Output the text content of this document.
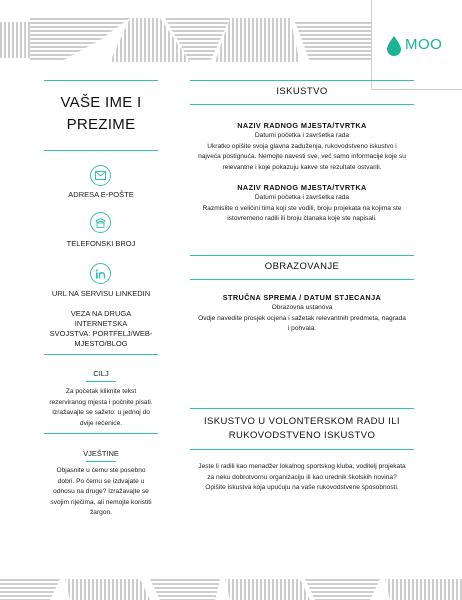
MOO
VAŠE IME I
PREZIME
ADRESA E-POŠTE
TELEFONSKI BROJ
URL NA SERVISU LINKEDIN
VEZA NA DRUGA INTERNETSKA
SVOJSTVA: PORTFELJ/WEB-
MJESTO/BLOG
CILJ
Za početak kliknite tekst
rezerviranog mjesta i počnite pisati.
Izražavajte se sažeto: u jednoj do
dvije rečenice.
VJEŠTINE
Objasnite u čemu ste posebno
dobri. Po čemu se izdvajate u
odnosu na druge? Izražavajte se
svojim riječima, ali nemojte koristiti
žargon.
ISKUSTVO
NAZIV RADNOG MJESTA/TVRTKA
Datumi početka i završetka rada
Ukratko opišite svoja glavna zaduženja, rukovodstveno iskustvo i
najveća postignuća. Nemojte navesti sve, već samo informacije koje su
relevantne i koje pokazuju kakve ste rezultate ostvarili.
NAZIV RADNOG MJESTA/TVRTKA
Datumi početka i završetka rada
Razmislite o veličini tima koji ste vodili, broju projekata na kojima ste
istovremeno radili ili broju članaka koje ste napisali.
OBRAZOVANJE
STRUČNA SPREMA / DATUM STJECANJA
Obrazovna ustanova
Ovdje navedite prosjek ocjena i sažetak relevantnih predmeta, nagrada
i pohvala.
ISKUSTVO U VOLONTERSKOM RADU ILI
RUKOVODSTVENO ISKUSTVO
Jeste li radili kao menadžer lokalnog sportskog kluba, voditelj projekata
za neku dobrotvornu organizaciju ili kao urednik školskih novina?
Opišite iskustva koja upućuju na vaše rukovodstvene sposobnosti.
